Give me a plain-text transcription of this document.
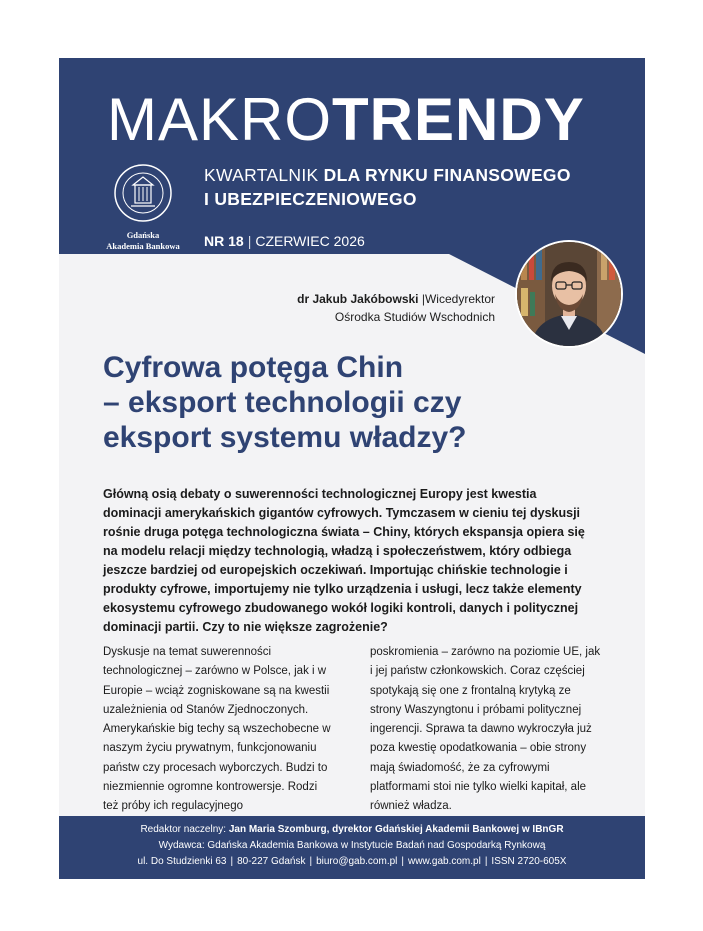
MAKROTRENDY
Gdańska
Akademia Bankowa
KWARTALNIK DLA RYNKU FINANSOWEGO
I UBEZPIECZENIOWEGO
NR 18 | CZERWIEC 2026
dr Jakub Jakóbowski |Wicedyrektor
Ośrodka Studiów Wschodnich
Cyfrowa potęga Chin
– eksport technologii czy
eksport systemu władzy?

Główną osią debaty o suwerenności technologicznej Europy jest kwestia dominacji amerykańskich gigantów cyfrowych. Tymczasem w cieniu tej dyskusji rośnie druga potęga technologiczna świata – Chiny, których ekspansja opiera się na modelu relacji między technologią, władzą i społeczeństwem, który odbiega jeszcze bardziej od europejskich oczekiwań. Importując chińskie technologie i produkty cyfrowe, importujemy nie tylko urządzenia i usługi, lecz także elementy ekosystemu cyfrowego zbudowanego wokół logiki kontroli, danych i politycznej dominacji partii. Czy to nie większe zagrożenie?

Dyskusje na temat suwerenności technologicznej – zarówno w Polsce, jak i w Europie – wciąż zogniskowane są na kwestii uzależnienia od Stanów Zjednoczonych. Amerykańskie big techy są wszechobecne w naszym życiu prywatnym, funkcjonowaniu państw czy procesach wyborczych. Budzi to niezmiennie ogromne kontrowersje. Rodzi też próby ich regulacyjnego

poskromienia – zarówno na poziomie UE, jak i jej państw członkowskich. Coraz częściej spotykają się one z frontalną krytyką ze strony Waszyngtonu i próbami politycznej ingerencji. Sprawa ta dawno wykroczyła już poza kwestię opodatkowania – obie strony mają świadomość, że za cyfrowymi platformami stoi nie tylko wielki kapitał, ale również władza.

Redaktor naczelny: Jan Maria Szomburg, dyrektor Gdańskiej Akademii Bankowej w IBnGR
Wydawca: Gdańska Akademia Bankowa w Instytucie Badań nad Gospodarką Rynkową
ul. Do Studzienki 63 | 80-227 Gdańsk | biuro@gab.com.pl | www.gab.com.pl | ISSN 2720-605X
